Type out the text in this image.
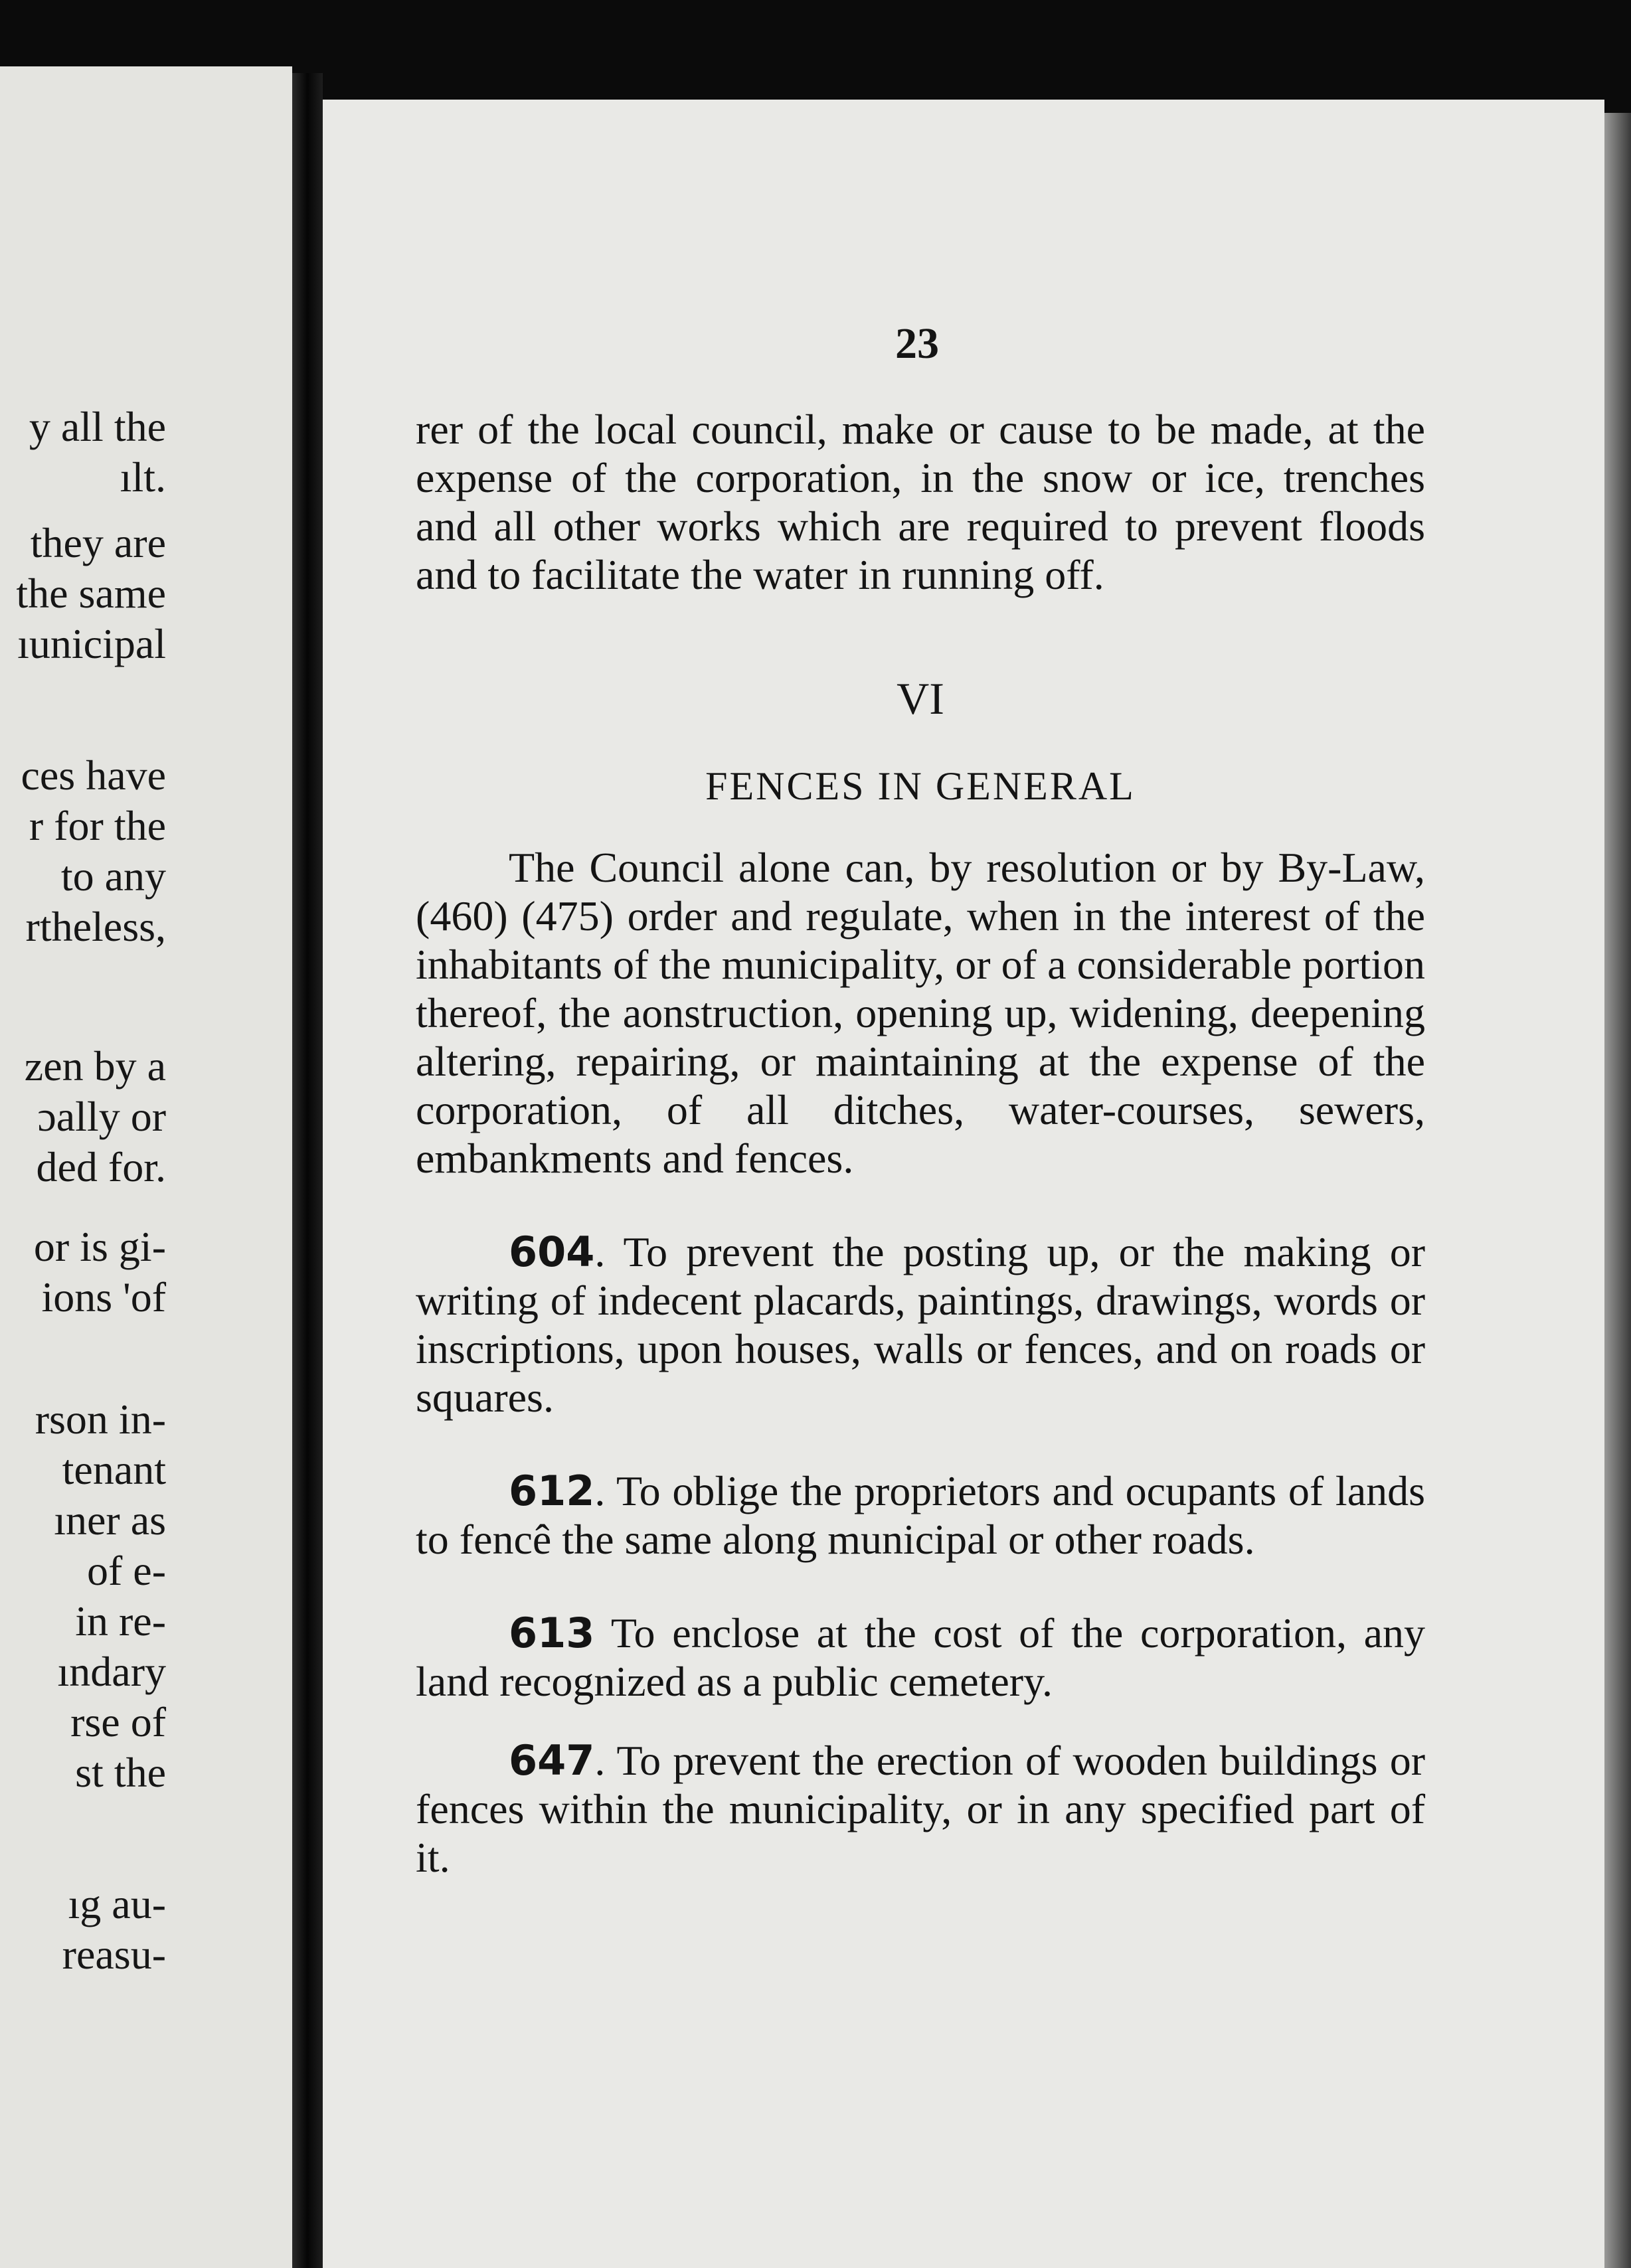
y all the
ılt.
they are
the same
ıunicipal
ces have
r for the
to any
rtheless,
zen by a
ɔally or
ded for.
or is gi-
ions 'of
rson in-
tenant
ıner as
of e-
in re-
ındary
rse of
st the
ıg au-
reasu-
23

rer of the local council, make or cause to be made, at the expense of the corporation, in the snow or ice, trenches and all other works which are required to prevent floods and to facilitate the water in running off.

VI
FENCES IN GENERAL

The Council alone can, by resolution or by By-Law, (460) (475) order and regulate, when in the interest of the inhabitants of the municipality, or of a considerable portion thereof, the aonstruction, opening up, widening, deepening altering, repairing, or maintaining at the expense of the corporation, of all ditches, water-courses, sewers, embankments and fences.

604. To prevent the posting up, or the making or writing of indecent placards, paintings, drawings, words or inscriptions, upon houses, walls or fences, and on roads or squares.

612. To oblige the proprietors and ocupants of lands to fencê the same along municipal or other roads.

613 To enclose at the cost of the corporation, any land recognized as a public cemetery.

647. To prevent the erection of wooden buildings or fences within the municipality, or in any specified part of it.
